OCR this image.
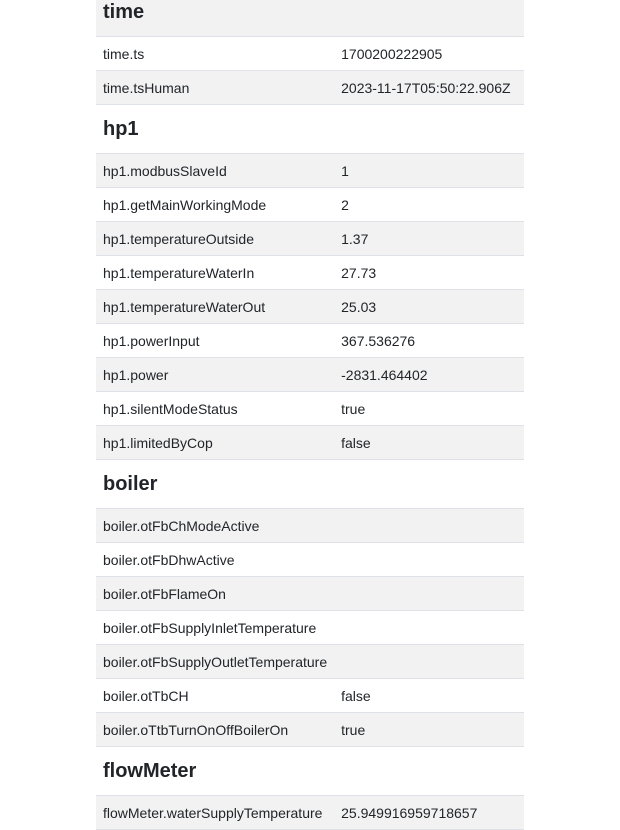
time	
time.ts	1700200222905
time.tsHuman	2023-11-17T05:50:22.906Z
hp1	
hp1.modbusSlaveId	1
hp1.getMainWorkingMode	2
hp1.temperatureOutside	1.37
hp1.temperatureWaterIn	27.73
hp1.temperatureWaterOut	25.03
hp1.powerInput	367.536276
hp1.power	-2831.464402
hp1.silentModeStatus	true
hp1.limitedByCop	false
boiler	
boiler.otFbChModeActive	
boiler.otFbDhwActive	
boiler.otFbFlameOn	
boiler.otFbSupplyInletTemperature	
boiler.otFbSupplyOutletTemperature	
boiler.otTbCH	false
boiler.oTtbTurnOnOffBoilerOn	true
flowMeter	
flowMeter.waterSupplyTemperature	25.949916959718657
